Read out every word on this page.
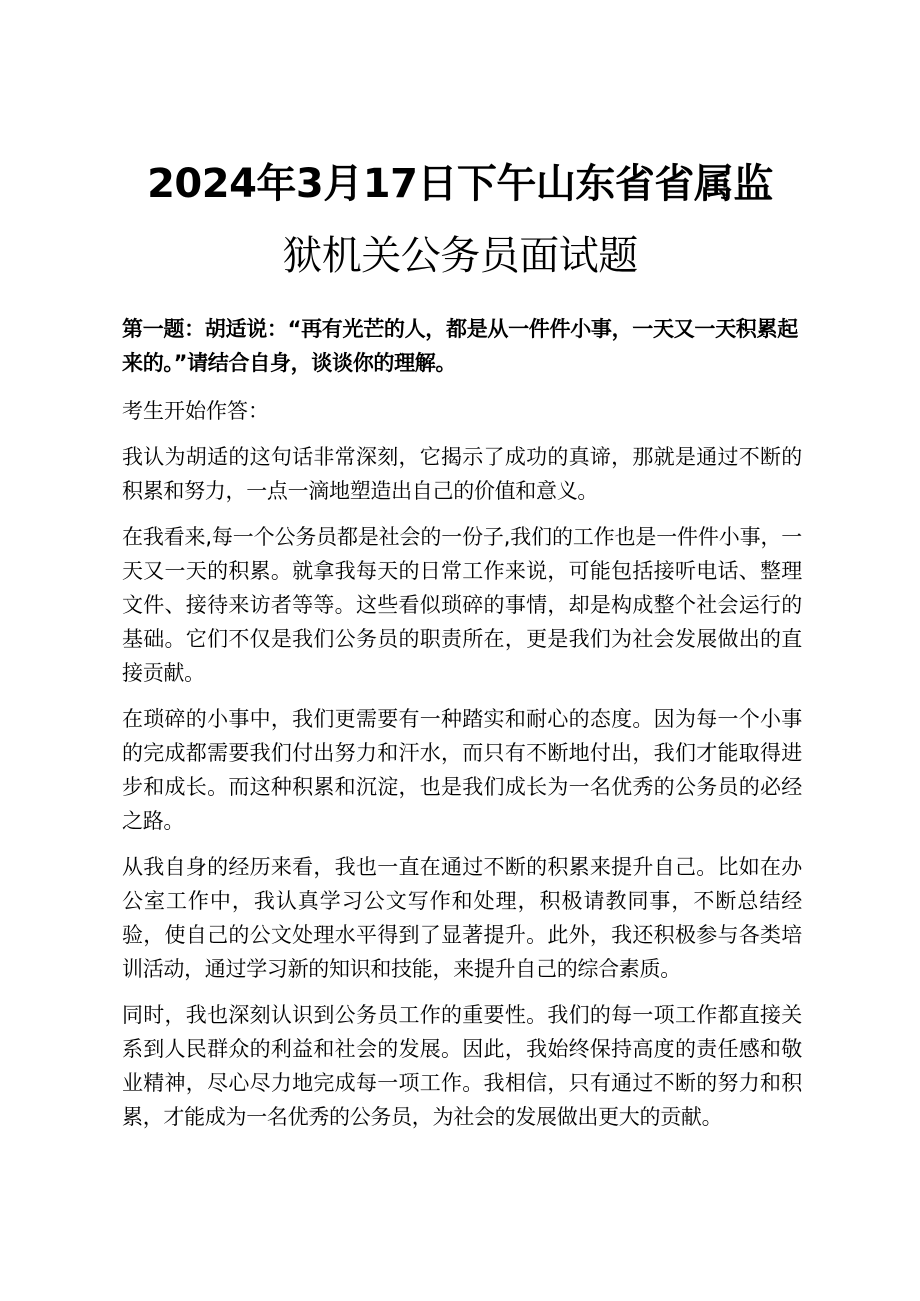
2024年3月17日下午山东省省属监
狱机关公务员面试题

第一题：胡适说：“再有光芒的人，都是从一件件小事，一天又一天积累起来的。”请结合自身，谈谈你的理解。

考生开始作答：

我认为胡适的这句话非常深刻，它揭示了成功的真谛，那就是通过不断的积累和努力，一点一滴地塑造出自己的价值和意义。

在我看来,每一个公务员都是社会的一份子,我们的工作也是一件件小事，一天又一天的积累。就拿我每天的日常工作来说，可能包括接听电话、整理文件、接待来访者等等。这些看似琐碎的事情，却是构成整个社会运行的基础。它们不仅是我们公务员的职责所在，更是我们为社会发展做出的直接贡献。

在琐碎的小事中，我们更需要有一种踏实和耐心的态度。因为每一个小事的完成都需要我们付出努力和汗水，而只有不断地付出，我们才能取得进步和成长。而这种积累和沉淀，也是我们成长为一名优秀的公务员的必经之路。

从我自身的经历来看，我也一直在通过不断的积累来提升自己。比如在办公室工作中，我认真学习公文写作和处理，积极请教同事，不断总结经验，使自己的公文处理水平得到了显著提升。此外，我还积极参与各类培训活动，通过学习新的知识和技能，来提升自己的综合素质。

同时，我也深刻认识到公务员工作的重要性。我们的每一项工作都直接关系到人民群众的利益和社会的发展。因此，我始终保持高度的责任感和敬业精神，尽心尽力地完成每一项工作。我相信，只有通过不断的努力和积累，才能成为一名优秀的公务员，为社会的发展做出更大的贡献。
